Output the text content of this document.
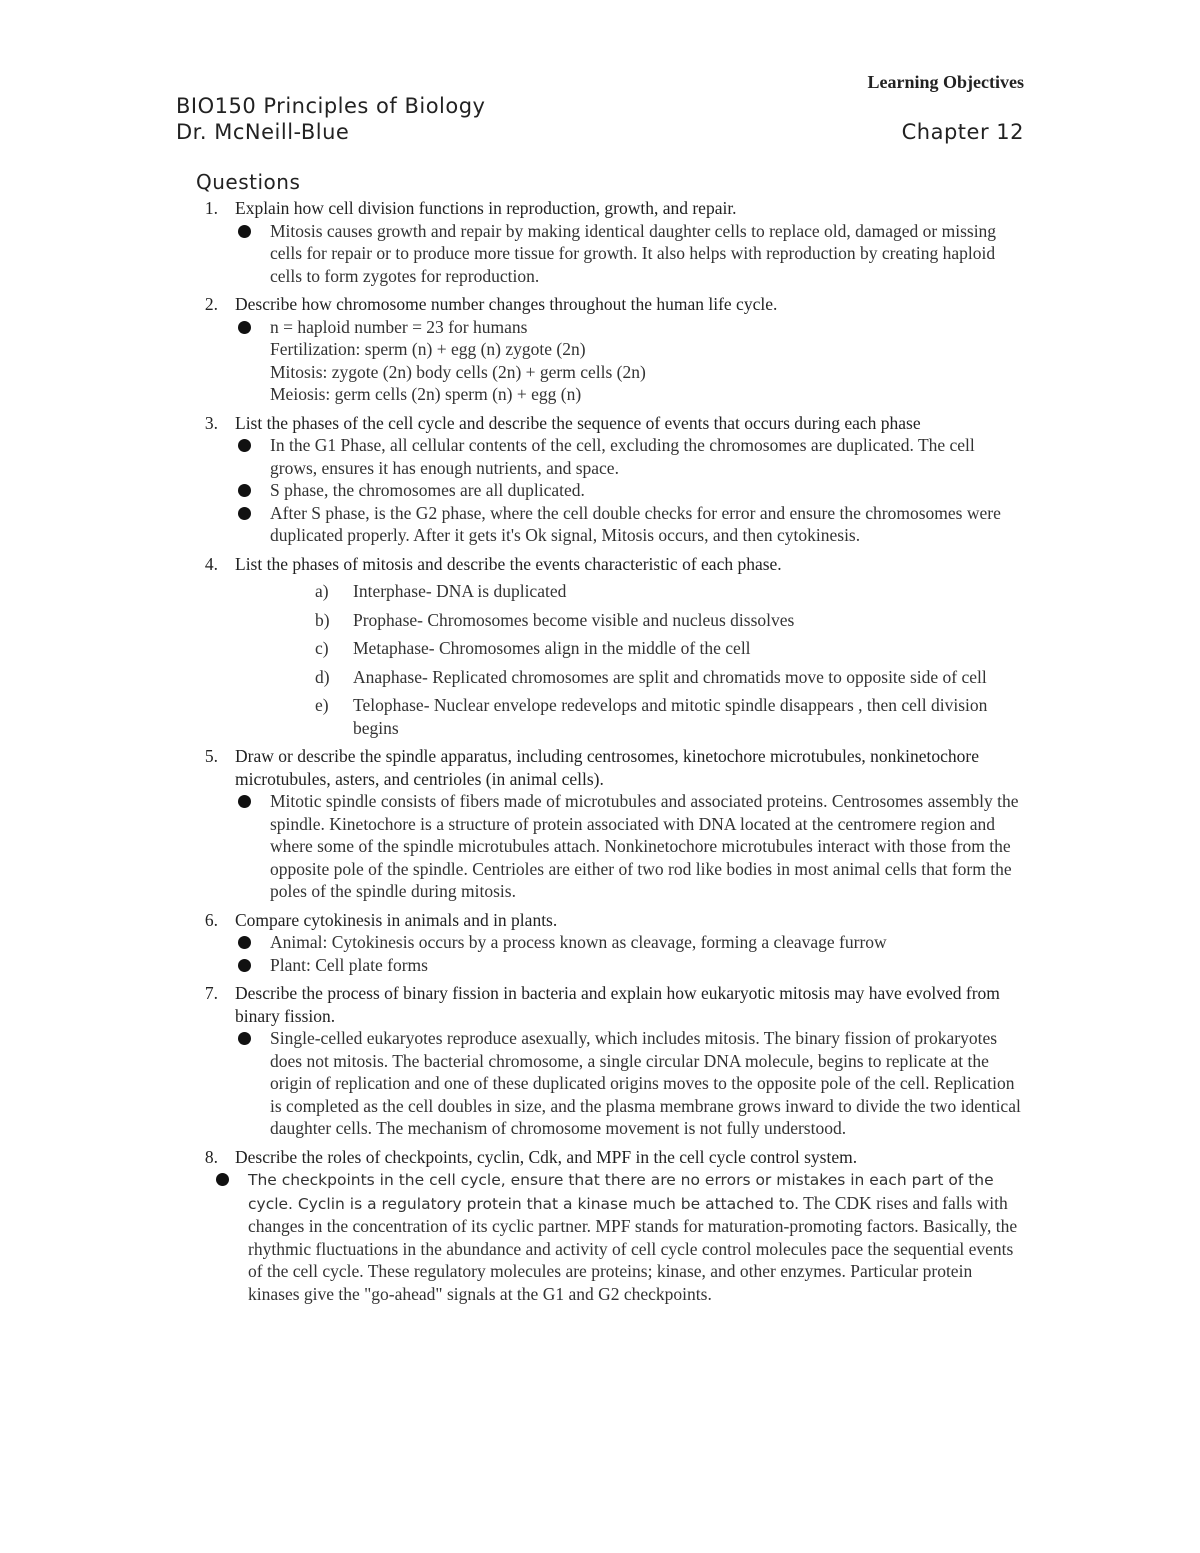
Learning Objectives
BIO150 Principles of Biology
Dr. McNeill-Blue	Chapter 12
Questions
1. Explain how cell division functions in reproduction, growth, and repair.
Mitosis causes growth and repair by making identical daughter cells to replace old, damaged or missing cells for repair or to produce more tissue for growth. It also helps with reproduction by creating haploid cells to form zygotes for reproduction.
2. Describe how chromosome number changes throughout the human life cycle.
n = haploid number = 23 for humans
Fertilization: sperm (n) + egg (n) zygote (2n)
Mitosis: zygote (2n) body cells (2n) + germ cells (2n)
Meiosis: germ cells (2n) sperm (n) + egg (n)
3. List the phases of the cell cycle and describe the sequence of events that occurs during each phase
In the G1 Phase, all cellular contents of the cell, excluding the chromosomes are duplicated. The cell grows, ensures it has enough nutrients, and space.
S phase, the chromosomes are all duplicated.
After S phase, is the G2 phase, where the cell double checks for error and ensure the chromosomes were duplicated properly. After it gets it's Ok signal, Mitosis occurs, and then cytokinesis.
4. List the phases of mitosis and describe the events characteristic of each phase.
a) Interphase- DNA is duplicated
b) Prophase- Chromosomes become visible and nucleus dissolves
c) Metaphase- Chromosomes align in the middle of the cell
d) Anaphase- Replicated chromosomes are split and chromatids move to opposite side of cell
e) Telophase- Nuclear envelope redevelops and mitotic spindle disappears , then cell division begins
5. Draw or describe the spindle apparatus, including centrosomes, kinetochore microtubules, nonkinetochore microtubules, asters, and centrioles (in animal cells).
Mitotic spindle consists of fibers made of microtubules and associated proteins. Centrosomes assembly the spindle. Kinetochore is a structure of protein associated with DNA located at the centromere region and where some of the spindle microtubules attach. Nonkinetochore microtubules interact with those from the opposite pole of the spindle. Centrioles are either of two rod like bodies in most animal cells that form the poles of the spindle during mitosis.
6. Compare cytokinesis in animals and in plants.
Animal: Cytokinesis occurs by a process known as cleavage, forming a cleavage furrow
Plant: Cell plate forms
7. Describe the process of binary fission in bacteria and explain how eukaryotic mitosis may have evolved from binary fission.
Single-celled eukaryotes reproduce asexually, which includes mitosis. The binary fission of prokaryotes does not mitosis. The bacterial chromosome, a single circular DNA molecule, begins to replicate at the origin of replication and one of these duplicated origins moves to the opposite pole of the cell. Replication is completed as the cell doubles in size, and the plasma membrane grows inward to divide the two identical daughter cells. The mechanism of chromosome movement is not fully understood.
8. Describe the roles of checkpoints, cyclin, Cdk, and MPF in the cell cycle control system.
The checkpoints in the cell cycle, ensure that there are no errors or mistakes in each part of the cycle. Cyclin is a regulatory protein that a kinase much be attached to. The CDK rises and falls with changes in the concentration of its cyclic partner. MPF stands for maturation-promoting factors. Basically, the rhythmic fluctuations in the abundance and activity of cell cycle control molecules pace the sequential events of the cell cycle. These regulatory molecules are proteins; kinase, and other enzymes. Particular protein kinases give the "go-ahead" signals at the G1 and G2 checkpoints.
